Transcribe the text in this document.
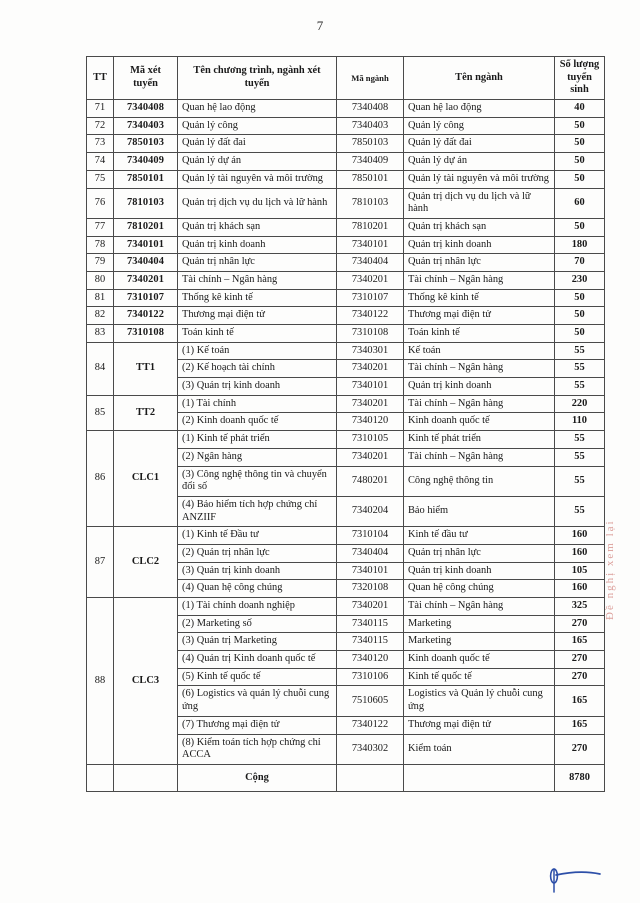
7
TT	Mã xét tuyển	Tên chương trình, ngành xét tuyển	Mã ngành	Tên ngành	Số lượng tuyển sinh
71	7340408	Quan hệ lao động	7340408	Quan hệ lao động	40
72	7340403	Quản lý công	7340403	Quản lý công	50
73	7850103	Quản lý đất đai	7850103	Quản lý đất đai	50
74	7340409	Quản lý dự án	7340409	Quản lý dự án	50
75	7850101	Quản lý tài nguyên và môi trường	7850101	Quản lý tài nguyên và môi trường	50
76	7810103	Quản trị dịch vụ du lịch và lữ hành	7810103	Quản trị dịch vụ du lịch và lữ hành	60
77	7810201	Quản trị khách sạn	7810201	Quản trị khách sạn	50
78	7340101	Quản trị kinh doanh	7340101	Quản trị kinh doanh	180
79	7340404	Quản trị nhân lực	7340404	Quản trị nhân lực	70
80	7340201	Tài chính – Ngân hàng	7340201	Tài chính – Ngân hàng	230
81	7310107	Thống kê kinh tế	7310107	Thống kê kinh tế	50
82	7340122	Thương mại điện tử	7340122	Thương mại điện tử	50
83	7310108	Toán kinh tế	7310108	Toán kinh tế	50
84	TT1	(1) Kế toán	7340301	Kế toán	55
		(2) Kế hoạch tài chính	7340201	Tài chính – Ngân hàng	55
		(3) Quản trị kinh doanh	7340101	Quản trị kinh doanh	55
85	TT2	(1) Tài chính	7340201	Tài chính – Ngân hàng	220
		(2) Kinh doanh quốc tế	7340120	Kinh doanh quốc tế	110
86	CLC1	(1) Kinh tế phát triển	7310105	Kinh tế phát triển	55
		(2) Ngân hàng	7340201	Tài chính – Ngân hàng	55
		(3) Công nghệ thông tin và chuyển đổi số	7480201	Công nghệ thông tin	55
		(4) Bảo hiểm tích hợp chứng chỉ ANZIIF	7340204	Bảo hiểm	55
87	CLC2	(1) Kinh tế Đầu tư	7310104	Kinh tế đầu tư	160
		(2) Quản trị nhân lực	7340404	Quản trị nhân lực	160
		(3) Quản trị kinh doanh	7340101	Quản trị kinh doanh	105
		(4) Quan hệ công chúng	7320108	Quan hệ công chúng	160
88	CLC3	(1) Tài chính doanh nghiệp	7340201	Tài chính – Ngân hàng	325
		(2) Marketing số	7340115	Marketing	270
		(3) Quản trị Marketing	7340115	Marketing	165
		(4) Quản trị Kinh doanh quốc tế	7340120	Kinh doanh quốc tế	270
		(5) Kinh tế quốc tế	7310106	Kinh tế quốc tế	270
		(6) Logistics và quản lý chuỗi cung ứng	7510605	Logistics và Quản lý chuỗi cung ứng	165
		(7) Thương mại điện tử	7340122	Thương mại điện tử	165
		(8) Kiểm toán tích hợp chứng chỉ ACCA	7340302	Kiểm toán	270
		Cộng			8780
Đề nghị xem lại
